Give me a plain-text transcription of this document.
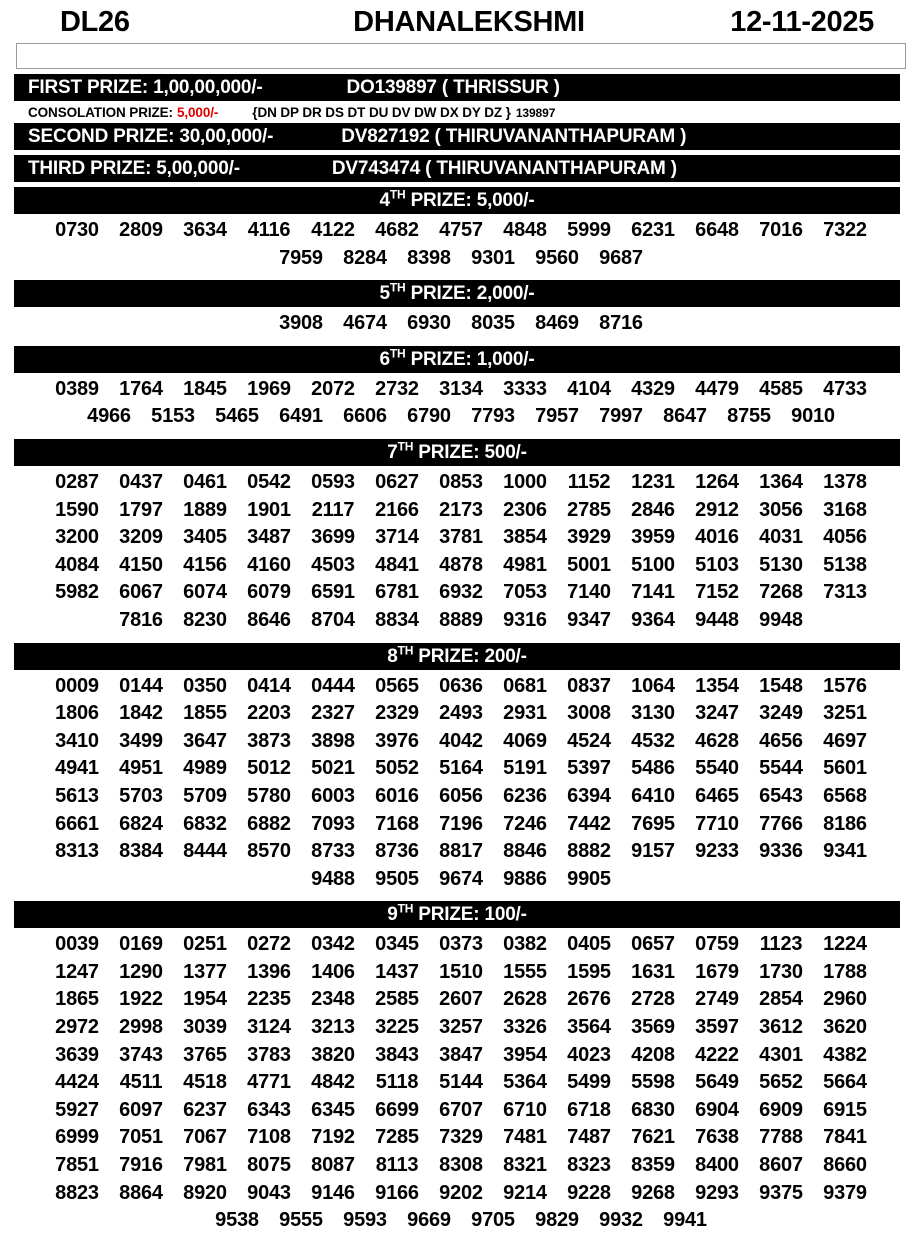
DL26	DHANALEKSHMI	12-11-2025
FIRST PRIZE: 1,00,00,000/-	DO139897 ( THRISSUR )
CONSOLATION PRIZE: 5,000/-	{DN DP DR DS DT DU DV DW DX DY DZ } 139897
SECOND PRIZE: 30,00,000/-	DV827192 ( THIRUVANANTHAPURAM )
THIRD PRIZE: 5,00,000/-	DV743474 ( THIRUVANANTHAPURAM )
4TH PRIZE: 5,000/-
0730	2809	3634	4116	4122	4682	4757	4848	5999	6231	6648	7016	7322
7959	8284	8398	9301	9560	9687
5TH PRIZE: 2,000/-
3908	4674	6930	8035	8469	8716
6TH PRIZE: 1,000/-
0389	1764	1845	1969	2072	2732	3134	3333	4104	4329	4479	4585	4733
4966	5153	5465	6491	6606	6790	7793	7957	7997	8647	8755	9010
7TH PRIZE: 500/-
0287	0437	0461	0542	0593	0627	0853	1000	1152	1231	1264	1364	1378
1590	1797	1889	1901	2117	2166	2173	2306	2785	2846	2912	3056	3168
3200	3209	3405	3487	3699	3714	3781	3854	3929	3959	4016	4031	4056
4084	4150	4156	4160	4503	4841	4878	4981	5001	5100	5103	5130	5138
5982	6067	6074	6079	6591	6781	6932	7053	7140	7141	7152	7268	7313
7816	8230	8646	8704	8834	8889	9316	9347	9364	9448	9948
8TH PRIZE: 200/-
0009	0144	0350	0414	0444	0565	0636	0681	0837	1064	1354	1548	1576
1806	1842	1855	2203	2327	2329	2493	2931	3008	3130	3247	3249	3251
3410	3499	3647	3873	3898	3976	4042	4069	4524	4532	4628	4656	4697
4941	4951	4989	5012	5021	5052	5164	5191	5397	5486	5540	5544	5601
5613	5703	5709	5780	6003	6016	6056	6236	6394	6410	6465	6543	6568
6661	6824	6832	6882	7093	7168	7196	7246	7442	7695	7710	7766	8186
8313	8384	8444	8570	8733	8736	8817	8846	8882	9157	9233	9336	9341
9488	9505	9674	9886	9905
9TH PRIZE: 100/-
0039	0169	0251	0272	0342	0345	0373	0382	0405	0657	0759	1123	1224
1247	1290	1377	1396	1406	1437	1510	1555	1595	1631	1679	1730	1788
1865	1922	1954	2235	2348	2585	2607	2628	2676	2728	2749	2854	2960
2972	2998	3039	3124	3213	3225	3257	3326	3564	3569	3597	3612	3620
3639	3743	3765	3783	3820	3843	3847	3954	4023	4208	4222	4301	4382
4424	4511	4518	4771	4842	5118	5144	5364	5499	5598	5649	5652	5664
5927	6097	6237	6343	6345	6699	6707	6710	6718	6830	6904	6909	6915
6999	7051	7067	7108	7192	7285	7329	7481	7487	7621	7638	7788	7841
7851	7916	7981	8075	8087	8113	8308	8321	8323	8359	8400	8607	8660
8823	8864	8920	9043	9146	9166	9202	9214	9228	9268	9293	9375	9379
9538	9555	9593	9669	9705	9829	9932	9941
